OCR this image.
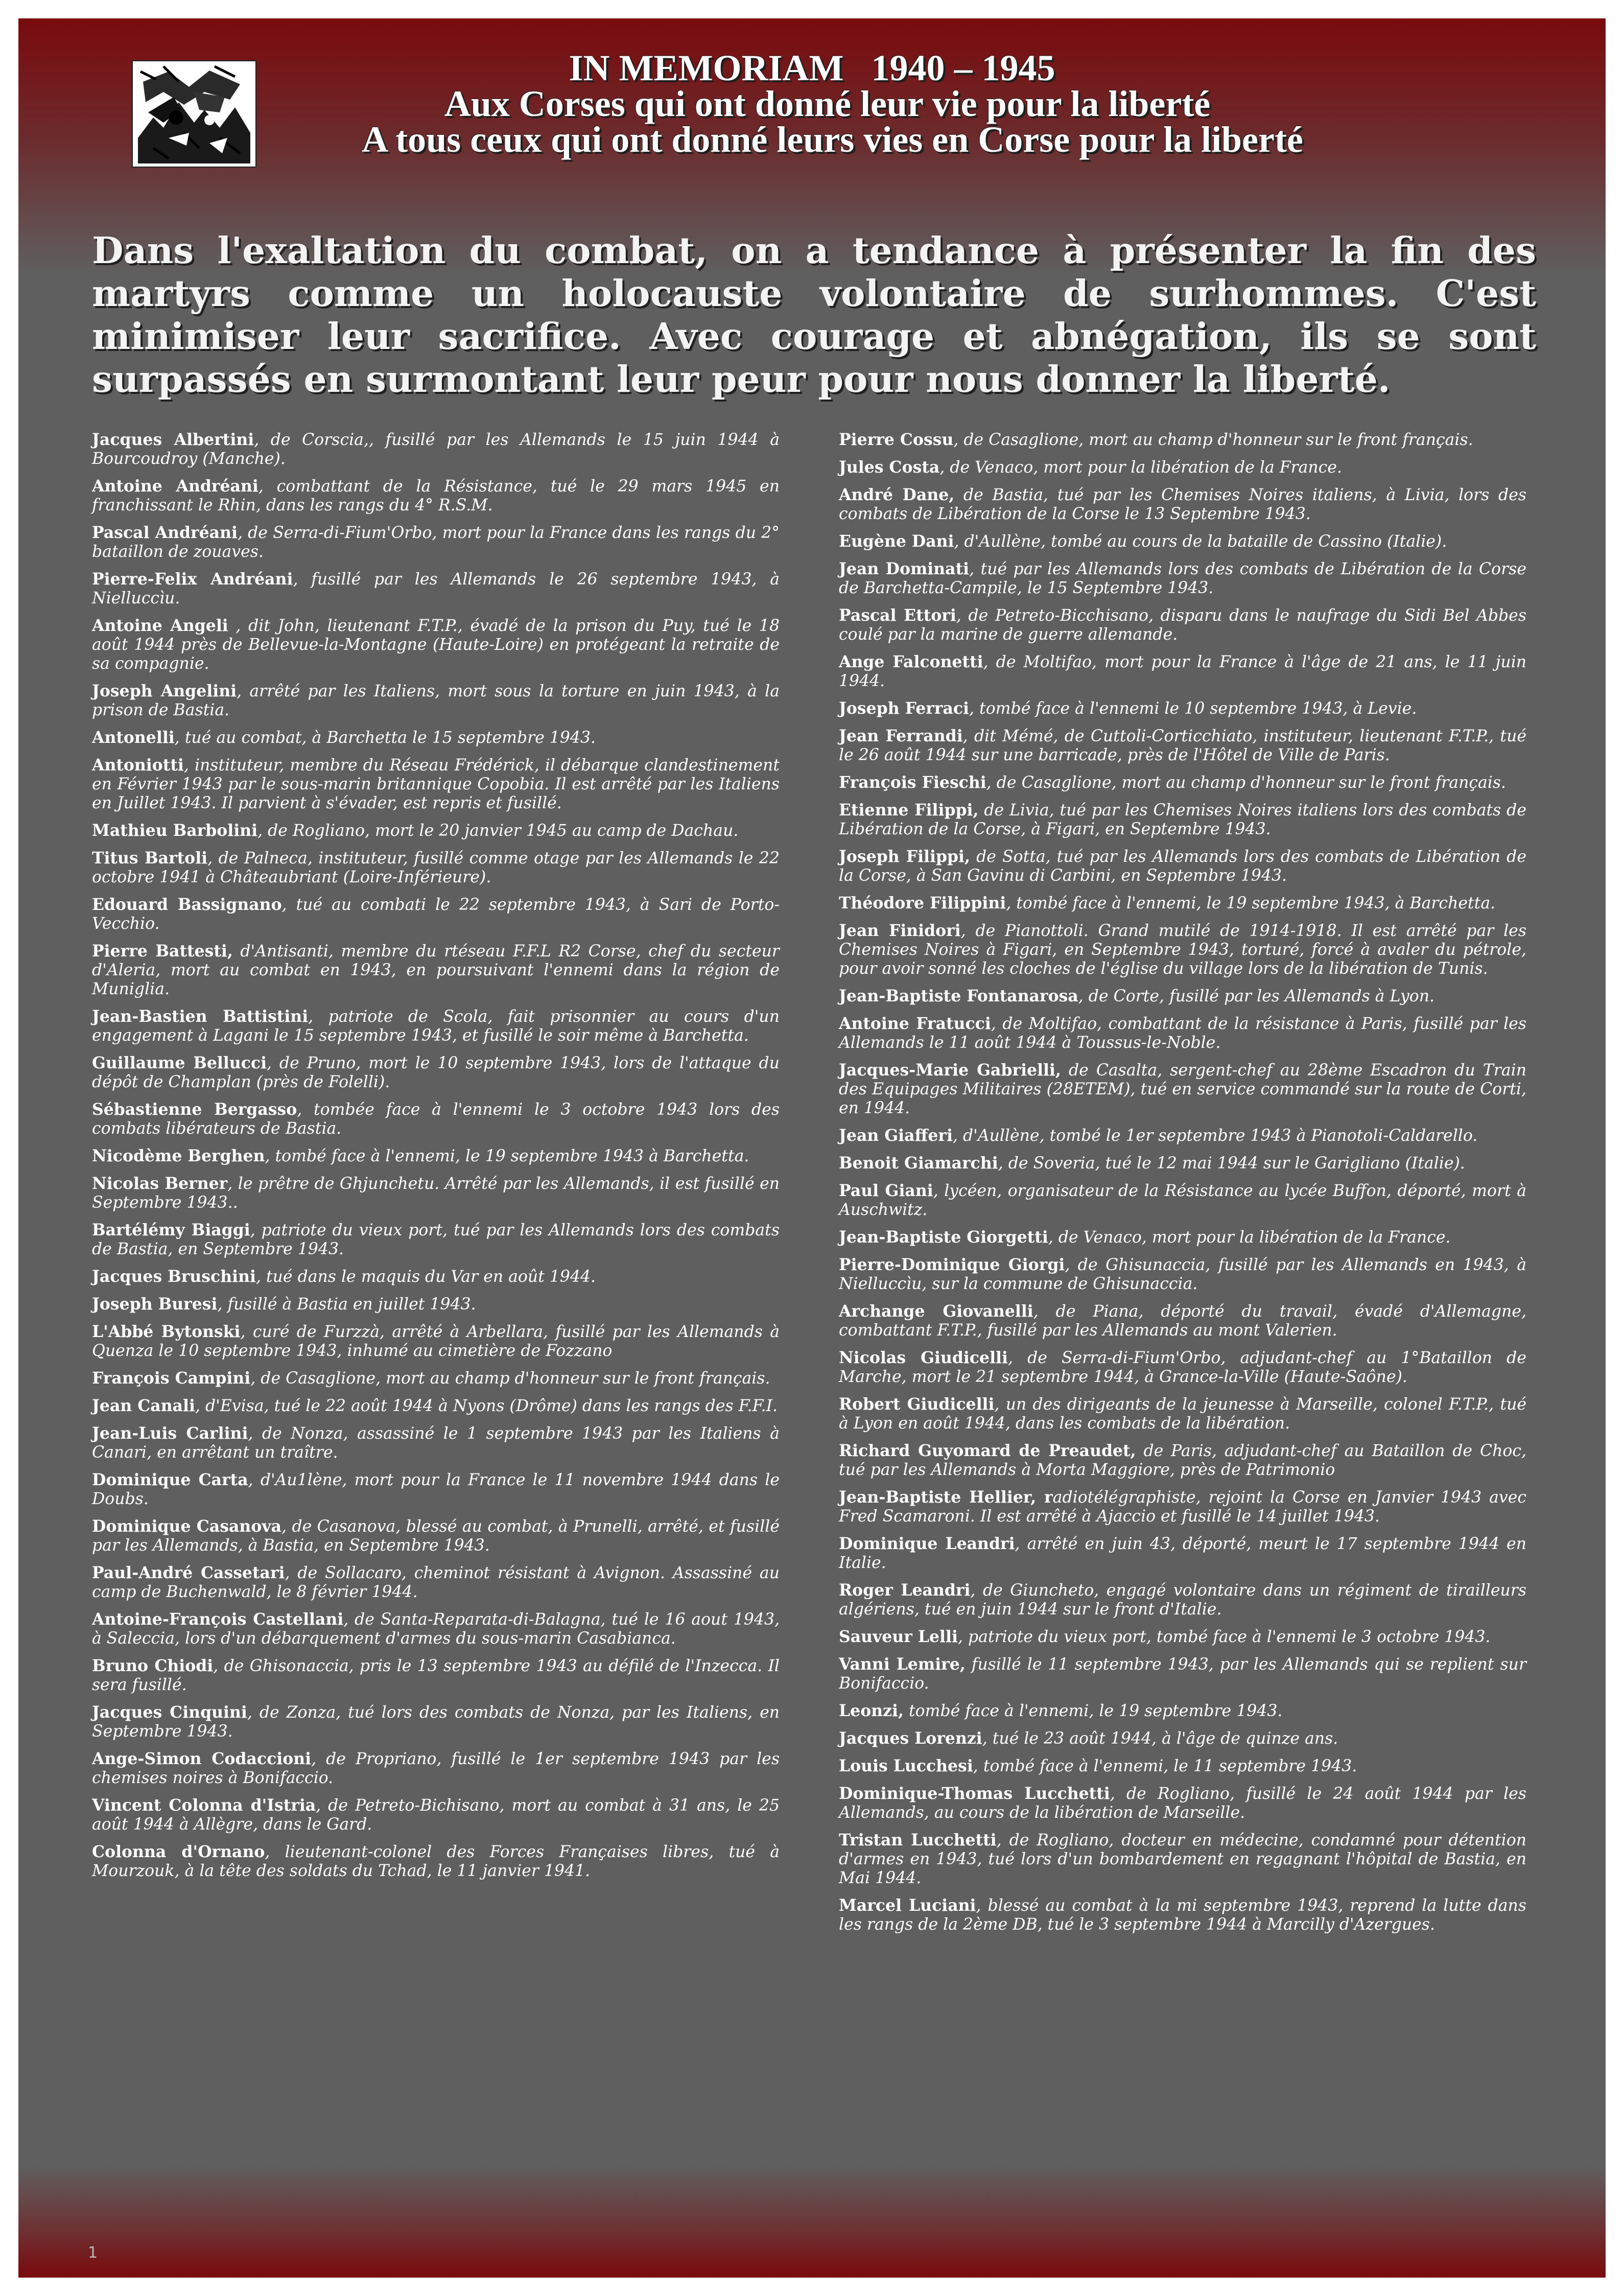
IN MEMORIAM   1940 – 1945

Aux Corses qui ont donné leur vie pour la liberté

A tous ceux qui ont donné leurs vies en Corse pour la liberté

Dans l'exaltation du combat, on a tendance à présenter la fin des martyrs comme un holocauste volontaire de surhommes. C'est minimiser leur sacrifice. Avec courage et abnégation, ils se sont surpassés en surmontant leur peur pour nous donner la liberté.

Jacques Albertini, de Corscia,, fusillé par les Allemands le 15 juin 1944 à Bourcoudroy (Manche).

Antoine Andréani, combattant de la Résistance, tué le 29 mars 1945 en franchissant le Rhin, dans les rangs du 4° R.S.M.

Pascal Andréani, de Serra-di-Fium'Orbo, mort pour la France dans les rangs du 2° bataillon de zouaves.

Pierre-Felix Andréani, fusillé par les Allemands le 26 septembre 1943, à Nielluccìu.

Antoine Angeli , dit John, lieutenant F.T.P., évadé de la prison du Puy, tué le 18 août 1944 près de Bellevue-la-Montagne (Haute-Loire) en protégeant la retraite de sa compagnie.

Joseph Angelini, arrêté par les Italiens, mort sous la torture en juin 1943, à la prison de Bastia.

Antonelli, tué au combat, à Barchetta le 15 septembre 1943.

Antoniotti, instituteur, membre du Réseau Frédérick, il débarque clandestinement en Février 1943 par le sous-marin britannique Copobia. Il est arrêté par les Italiens en Juillet 1943. Il parvient à s'évader, est repris et fusillé.

Mathieu Barbolini, de Rogliano, mort le 20 janvier 1945 au camp de Dachau.

Titus Bartoli, de Palneca, instituteur, fusillé comme otage par les Allemands le 22 octobre 1941 à Châteaubriant (Loire-Inférieure).

Edouard Bassignano, tué au combati le 22 septembre 1943, à Sari de Porto-Vecchio.

Pierre Battesti, d'Antisanti, membre du rtéseau F.F.L R2 Corse, chef du secteur d'Aleria, mort au combat en 1943, en poursuivant l'ennemi dans la région de Muniglia.

Jean-Bastien Battistini, patriote de Scola, fait prisonnier au cours d'un engagement à Lagani le 15 septembre 1943, et fusillé le soir même à Barchetta.

Guillaume Bellucci, de Pruno, mort le 10 septembre 1943, lors de l'attaque du dépôt de Champlan (près de Folelli).

Sébastienne Bergasso, tombée face à l'ennemi le 3 octobre 1943 lors des combats libérateurs de Bastia.

Nicodème Berghen, tombé face à l'ennemi, le 19 septembre 1943 à Barchetta.

Nicolas Berner, le prêtre de Ghjunchetu. Arrêté par les Allemands, il est fusillé en Septembre 1943..

Bartélémy Biaggi, patriote du vieux port, tué par les Allemands lors des combats de Bastia, en Septembre 1943.

Jacques Bruschini, tué dans le maquis du Var en août 1944.

Joseph Buresi, fusillé à Bastia en juillet 1943.

L'Abbé Bytonski, curé de Furzzà, arrêté à Arbellara, fusillé par les Allemands à Quenza le 10 septembre 1943, inhumé au cimetière de Fozzano

François Campini, de Casaglione, mort au champ d'honneur sur le front français.

Jean Canali, d'Evisa, tué le 22 août 1944 à Nyons (Drôme) dans les rangs des F.F.I.

Jean-Luis Carlini, de Nonza, assassiné le 1 septembre 1943 par les Italiens à Canari, en arrêtant un traître.

Dominique Carta, d'Au1lène, mort pour la France le 11 novembre 1944 dans le Doubs.

Dominique Casanova, de Casanova, blessé au combat, à Prunelli, arrêté, et fusillé par les Allemands, à Bastia, en Septembre 1943.

Paul-André Cassetari, de Sollacaro, cheminot résistant à Avignon. Assassiné au camp de Buchenwald, le 8 février 1944.

Antoine-François Castellani, de Santa-Reparata-di-Balagna, tué le 16 aout 1943, à Saleccia, lors d'un débarquement d'armes du sous-marin Casabianca.

Bruno Chiodi, de Ghisonaccia, pris le 13 septembre 1943 au défilé de l'Inzecca. Il sera fusillé.

Jacques Cinquini, de Zonza, tué lors des combats de Nonza, par les Italiens, en Septembre 1943.

Ange-Simon Codaccioni, de Propriano, fusillé le 1er septembre 1943 par les chemises noires à Bonifaccio.

Vincent Colonna d'Istria, de Petreto-Bichisano, mort au combat à 31 ans, le 25 août 1944 à Allègre, dans le Gard.

Colonna d'Ornano, lieutenant-colonel des Forces Françaises libres, tué à Mourzouk, à la tête des soldats du Tchad, le 11 janvier 1941.

Pierre Cossu, de Casaglione, mort au champ d'honneur sur le front français.

Jules Costa, de Venaco, mort pour la libération de la France.

André Dane, de Bastia, tué par les Chemises Noires italiens, à Livia, lors des combats de Libération de la Corse le 13 Septembre 1943.

Eugène Dani, d'Aullène, tombé au cours de la bataille de Cassino (Italie).

Jean Dominati, tué par les Allemands lors des combats de Libération de la Corse de Barchetta-Campile, le 15 Septembre 1943.

Pascal Ettori, de Petreto-Bicchisano, disparu dans le naufrage du Sidi Bel Abbes coulé par la marine de guerre allemande.

Ange Falconetti, de Moltifao, mort pour la France à l'âge de 21 ans, le 11 juin 1944.

Joseph Ferraci, tombé face à l'ennemi le 10 septembre 1943, à Levie.

Jean Ferrandi, dit Mémé, de Cuttoli-Corticchiato, instituteur, lieutenant F.T.P., tué le 26 août 1944 sur une barricade, près de l'Hôtel de Ville de Paris.

François Fieschi, de Casaglione, mort au champ d'honneur sur le front français.

Etienne Filippi, de Livia, tué par les Chemises Noires italiens lors des combats de Libération de la Corse, à Figari, en Septembre 1943.

Joseph Filippi, de Sotta, tué par les Allemands lors des combats de Libération de la Corse, à San Gavinu di Carbini, en Septembre 1943.

Théodore Filippini, tombé face à l'ennemi, le 19 septembre 1943, à Barchetta.

Jean Finidori, de Pianottoli. Grand mutilé de 1914-1918. Il est arrêté par les Chemises Noires à Figari, en Septembre 1943, torturé, forcé à avaler du pétrole, pour avoir sonné les cloches de l'église du village lors de la libération de Tunis.

Jean-Baptiste Fontanarosa, de Corte, fusillé par les Allemands à Lyon.

Antoine Fratucci, de Moltifao, combattant de la résistance à Paris, fusillé par les Allemands le 11 août 1944 à Toussus-le-Noble.

Jacques-Marie Gabrielli, de Casalta, sergent-chef au 28ème Escadron du Train des Equipages Militaires (28ETEM), tué en service commandé sur la route de Corti, en 1944.

Jean Giafferi, d'Aullène, tombé le 1er septembre 1943 à Pianotoli-Caldarello.

Benoit Giamarchi, de Soveria, tué le 12 mai 1944 sur le Garigliano (Italie).

Paul Giani, lycéen, organisateur de la Résistance au lycée Buffon, déporté, mort à Auschwitz.

Jean-Baptiste Giorgetti, de Venaco, mort pour la libération de la France.

Pierre-Dominique Giorgi, de Ghisunaccia, fusillé par les Allemands en 1943, à Nielluccìu, sur la commune de Ghisunaccia.

Archange Giovanelli, de Piana, déporté du travail, évadé d'Allemagne, combattant F.T.P., fusillé par les Allemands au mont Valerien.

Nicolas Giudicelli, de Serra-di-Fium'Orbo, adjudant-chef au 1°Bataillon de Marche, mort le 21 septembre 1944, à Grance-la-Ville (Haute-Saône).

Robert Giudicelli, un des dirigeants de la jeunesse à Marseille, colonel F.T.P., tué à Lyon en août 1944, dans les combats de la libération.

Richard Guyomard de Preaudet, de Paris, adjudant-chef au Bataillon de Choc, tué par les Allemands à Morta Maggiore, près de Patrimonio

Jean-Baptiste Hellier, radiotélégraphiste, rejoint la Corse en Janvier 1943 avec Fred Scamaroni. Il est arrêté à Ajaccio et fusillé le 14 juillet 1943.

Dominique Leandri, arrêté en juin 43, déporté, meurt le 17 septembre 1944 en Italie.

Roger Leandri, de Giuncheto, engagé volontaire dans un régiment de tirailleurs algériens, tué en juin 1944 sur le front d'Italie.

Sauveur Lelli, patriote du vieux port, tombé face à l'ennemi le 3 octobre 1943.

Vanni Lemire, fusillé le 11 septembre 1943, par les Allemands qui se replient sur Bonifaccio.

Leonzi, tombé face à l'ennemi, le 19 septembre 1943.

Jacques Lorenzi, tué le 23 août 1944, à l'âge de quinze ans.

Louis Lucchesi, tombé face à l'ennemi, le 11 septembre 1943.

Dominique-Thomas Lucchetti, de Rogliano, fusillé le 24 août 1944 par les Allemands, au cours de la libération de Marseille.

Tristan Lucchetti, de Rogliano, docteur en médecine, condamné pour détention d'armes en 1943, tué lors d'un bombardement en regagnant l'hôpital de Bastia, en Mai 1944.

Marcel Luciani, blessé au combat à la mi septembre 1943, reprend la lutte dans les rangs de la 2ème DB, tué le 3 septembre 1944 à Marcilly d'Azergues.

1
